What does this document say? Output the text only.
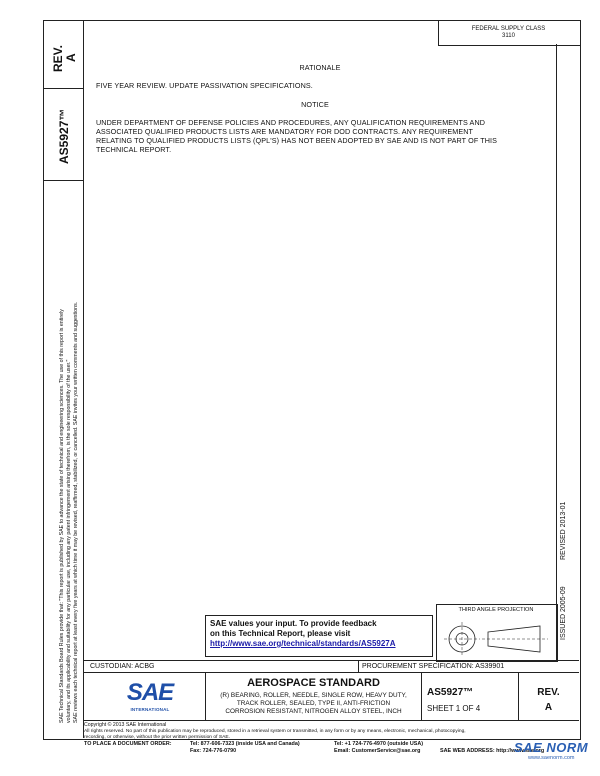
REV. A
AS5927™
SAE Technical Standards Board Rules provide that: "This report is published by SAE to advance the state of technical and engineering sciences. The use of this report is entirely voluntary, and its applicability and suitability for any particular use, including any patent infringement arising therefrom, is the sole responsibility of the user." SAE reviews each technical report at least every five years at which time it may be revised, reaffirmed, stabilized, or cancelled. SAE invites your written comments and suggestions.	ISSUED 2005-09
REVISED 2013-01
FEDERAL SUPPLY CLASS
3110
RATIONALE
FIVE YEAR REVIEW. UPDATE PASSIVATION SPECIFICATIONS.
NOTICE
UNDER DEPARTMENT OF DEFENSE POLICIES AND PROCEDURES, ANY QUALIFICATION REQUIREMENTS AND
ASSOCIATED QUALIFIED PRODUCTS LISTS ARE MANDATORY FOR DOD CONTRACTS. ANY REQUIREMENT
RELATING TO QUALIFIED PRODUCTS LISTS (QPL'S) HAS NOT BEEN ADOPTED BY SAE AND IS NOT PART OF THIS
TECHNICAL REPORT.
SAE values your input. To provide feedback
on this Technical Report, please visit
http://www.sae.org/technical/standards/AS5927A
THIRD ANGLE PROJECTION
CUSTODIAN: ACBG	PROCUREMENT SPECIFICATION: AS39901
SAE
INTERNATIONAL
AEROSPACE STANDARD
(R) BEARING, ROLLER, NEEDLE, SINGLE ROW, HEAVY DUTY,
TRACK ROLLER, SEALED, TYPE II, ANTI-FRICTION
CORROSION RESISTANT, NITROGEN ALLOY STEEL, INCH
AS5927™
SHEET 1 OF 4
REV.
A
Copyright © 2013 SAE International
All rights reserved. No part of this publication may be reproduced, stored in a retrieval system or transmitted, in any form or by any means, electronic, mechanical, photocopying,
recording, or otherwise, without the prior written permission of SAE.
TO PLACE A DOCUMENT ORDER:	Tel: 877-606-7323 (inside USA and Canada)
Fax: 724-776-0790
Tel: +1 724-776-4970 (outside USA)
Email: CustomerService@sae.org	SAE WEB ADDRESS: http://www.sae.org
SAE NORM
www.saenorm.com
